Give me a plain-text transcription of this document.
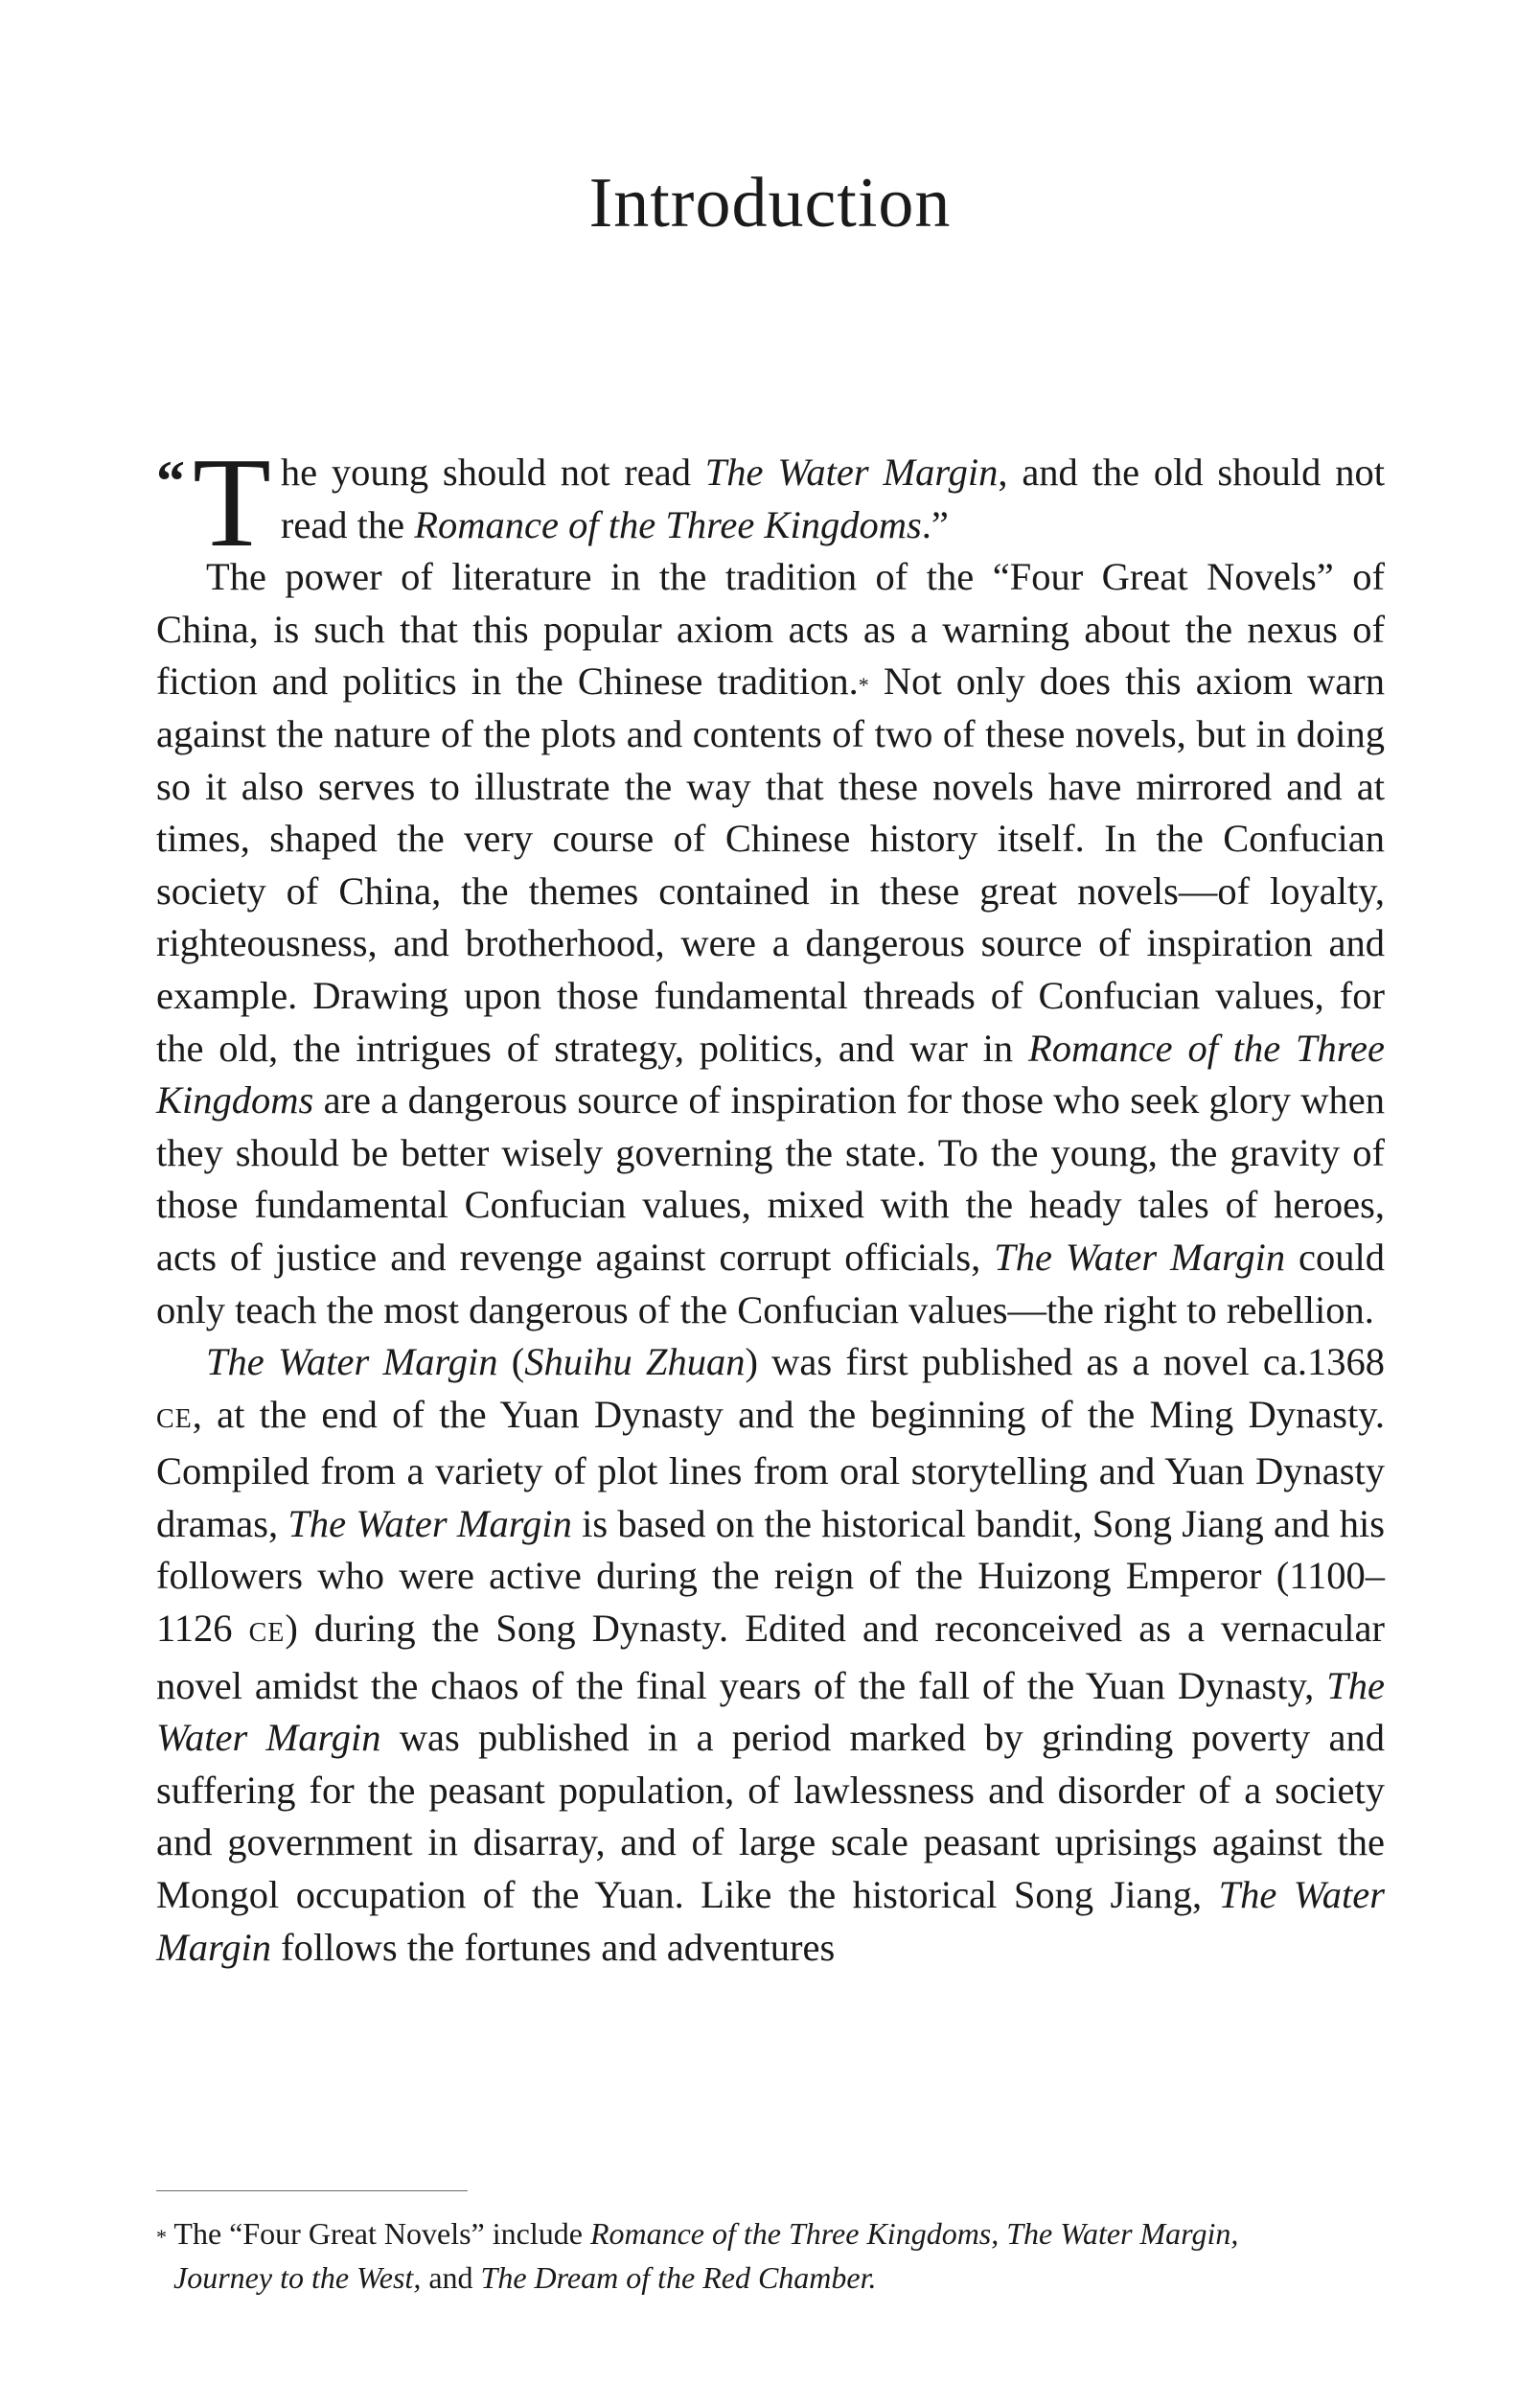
Introduction

“ T he young should not read The Water Margin, and the old should not read the Romance of the Three Kingdoms.”

The power of literature in the tradition of the “Four Great Novels” of China, is such that this popular axiom acts as a warning about the nexus of fiction and politics in the Chinese tradition.* Not only does this axiom warn against the nature of the plots and contents of two of these novels, but in doing so it also serves to illustrate the way that these novels have mirrored and at times, shaped the very course of Chinese history itself. In the Confucian society of China, the themes contained in these great novels—of loyalty, righteousness, and brotherhood, were a dangerous source of inspiration and example. Drawing upon those fundamental threads of Confucian values, for the old, the intrigues of strategy, politics, and war in Romance of the Three Kingdoms are a dangerous source of inspiration for those who seek glory when they should be better wisely governing the state. To the young, the gravity of those fundamental Confucian values, mixed with the heady tales of heroes, acts of justice and revenge against corrupt officials, The Water Margin could only teach the most dangerous of the Confucian values—the right to rebellion.

The Water Margin (Shuihu Zhuan) was first published as a novel ca.1368 CE, at the end of the Yuan Dynasty and the beginning of the Ming Dynasty. Compiled from a variety of plot lines from oral storytelling and Yuan Dynasty dramas, The Water Margin is based on the historical bandit, Song Jiang and his followers who were active during the reign of the Huizong Emperor (1100–1126 CE) during the Song Dynasty. Edited and reconceived as a vernacular novel amidst the chaos of the final years of the fall of the Yuan Dynasty, The Water Margin was published in a period marked by grinding poverty and suffering for the peasant population, of lawlessness and disorder of a society and government in disarray, and of large scale peasant uprisings against the Mongol occupation of the Yuan. Like the historical Song Jiang, The Water Margin follows the fortunes and adventures

* The “Four Great Novels” include Romance of the Three Kingdoms, The Water Margin,
Journey to the West, and The Dream of the Red Chamber.
